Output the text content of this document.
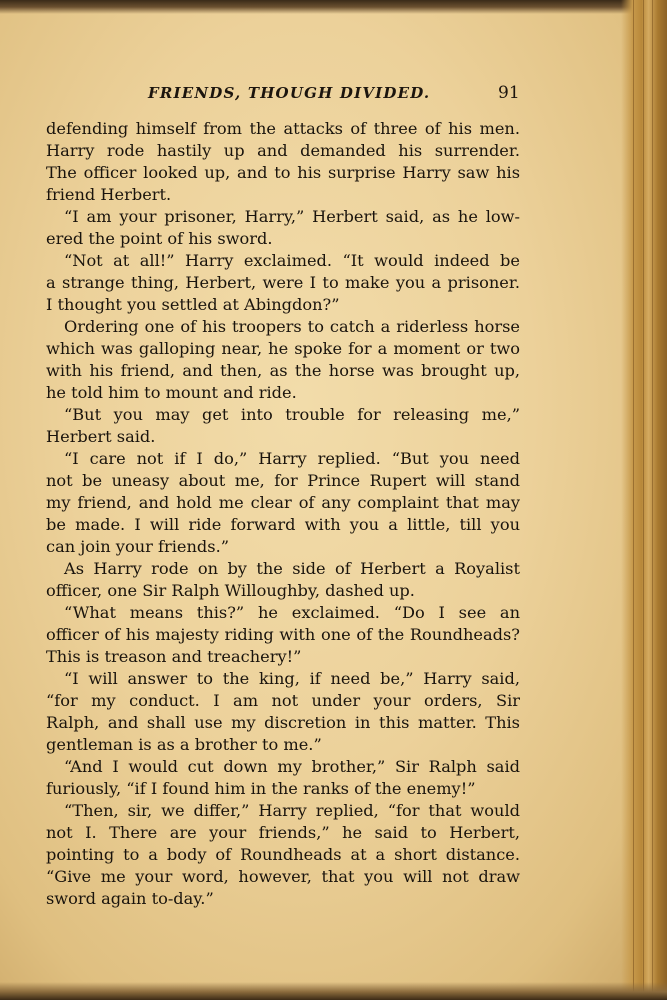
FRIENDS, THOUGH DIVIDED.	91
defending himself from the attacks of three of his men.
Harry rode hastily up and demanded his surrender.
The officer looked up, and to his surprise Harry saw his
friend Herbert.
“I am your prisoner, Harry,” Herbert said, as he low-
ered the point of his sword.
“Not at all!” Harry exclaimed. “It would indeed be
a strange thing, Herbert, were I to make you a prisoner.
I thought you settled at Abingdon?”
Ordering one of his troopers to catch a riderless horse
which was galloping near, he spoke for a moment or two
with his friend, and then, as the horse was brought up,
he told him to mount and ride.
“But you may get into trouble for releasing me,”
Herbert said.
“I care not if I do,” Harry replied. “But you need
not be uneasy about me, for Prince Rupert will stand
my friend, and hold me clear of any complaint that may
be made. I will ride forward with you a little, till you
can join your friends.”
As Harry rode on by the side of Herbert a Royalist
officer, one Sir Ralph Willoughby, dashed up.
“What means this?” he exclaimed. “Do I see an
officer of his majesty riding with one of the Roundheads?
This is treason and treachery!”
“I will answer to the king, if need be,” Harry said,
“for my conduct. I am not under your orders, Sir
Ralph, and shall use my discretion in this matter. This
gentleman is as a brother to me.”
“And I would cut down my brother,” Sir Ralph said
furiously, “if I found him in the ranks of the enemy!”
“Then, sir, we differ,” Harry replied, “for that would
not I. There are your friends,” he said to Herbert,
pointing to a body of Roundheads at a short distance.
“Give me your word, however, that you will not draw
sword again to-day.”
